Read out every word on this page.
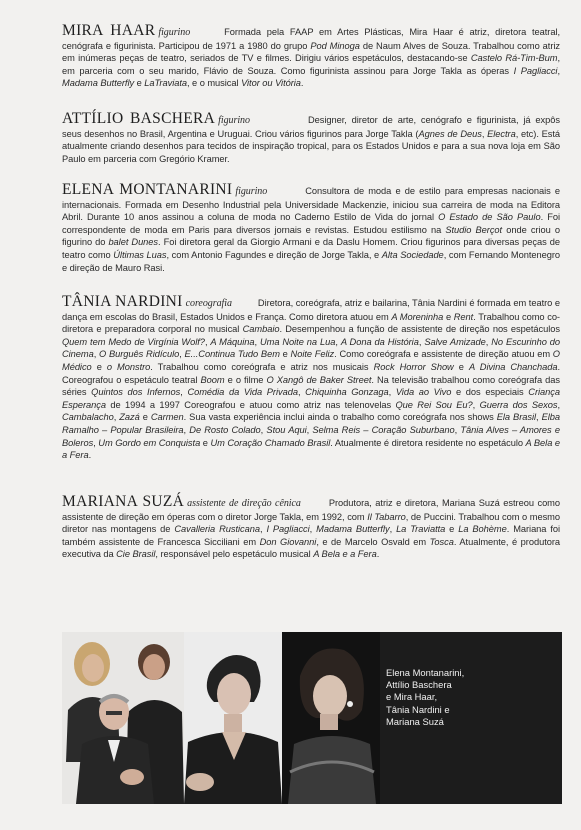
MIRA HAAR figurino	Formada pela FAAP em Artes Plásticas, Mira Haar é atriz, diretora teatral, cenógrafa e figurinista. Participou de 1971 a 1980 do grupo Pod Minoga de Naum Alves de Souza. Trabalhou como atriz em inúmeras peças de teatro, seriados de TV e filmes. Dirigiu vários espetáculos, destacando-se Castelo Rá-Tim-Bum, em parceria com o seu marido, Flávio de Souza. Como figurinista assinou para Jorge Takla as óperas I Pagliacci, Madama Butterfly e LaTraviata, e o musical Vitor ou Vitória.
ATTÍLIO BASCHERA figurino	Designer, diretor de arte, cenógrafo e figurinista, já expôs seus desenhos no Brasil, Argentina e Uruguai. Criou vários figurinos para Jorge Takla (Agnes de Deus, Electra, etc). Está atualmente criando desenhos para tecidos de inspiração tropical, para os Estados Unidos e para a sua nova loja em São Paulo em parceria com Gregório Kramer.
ELENA MONTANARINI figurino	Consultora de moda e de estilo para empresas nacionais e internacionais. Formada em Desenho Industrial pela Universidade Mackenzie, iniciou sua carreira de moda na Editora Abril. Durante 10 anos assinou a coluna de moda no Caderno Estilo de Vida do jornal O Estado de São Paulo. Foi correspondente de moda em Paris para diversos jornais e revistas. Estudou estilismo na Studio Berçot onde criou o figurino do balet Dunes. Foi diretora geral da Giorgio Armani e da Daslu Homem. Criou figurinos para diversas peças de teatro como Últimas Luas, com Antonio Fagundes e direção de Jorge Takla, e Alta Sociedade, com Fernando Montenegro e direção de Mauro Rasi.
TÂNIA NARDINI coreografia	Diretora, coreógrafa, atriz e bailarina, Tânia Nardini é formada em teatro e dança em escolas do Brasil, Estados Unidos e França. Como diretora atuou em A Moreninha e Rent. Trabalhou como co-diretora e preparadora corporal no musical Cambaio. Desempenhou a função de assistente de direção nos espetáculos Quem tem Medo de Virgínia Wolf?, A Máquina, Uma Noite na Lua, A Dona da História, Salve Amizade, No Escurinho do Cinema, O Burguês Ridículo, E...Continua Tudo Bem e Noite Feliz. Como coreógrafa e assistente de direção atuou em O Médico e o Monstro. Trabalhou como coreógrafa e atriz nos musicais Rock Horror Show e A Divina Chanchada. Coreografou o espetáculo teatral Boom e o filme O Xangô de Baker Street. Na televisão trabalhou como coreógrafa das séries Quintos dos Infernos, Comédia da Vida Privada, Chiquinha Gonzaga, Vida ao Vivo e dos especiais Criança Esperança de 1994 a 1997 Coreografou e atuou como atriz nas telenovelas Que Rei Sou Eu?, Guerra dos Sexos, Cambalacho, Zazá e Carmen. Sua vasta experiência inclui ainda o trabalho como coreógrafa nos shows Ela Brasil, Elba Ramalho – Popular Brasileira, De Rosto Colado, Stou Aqui, Selma Reis – Coração Suburbano, Tânia Alves – Amores e Boleros, Um Gordo em Conquista e Um Coração Chamado Brasil. Atualmente é diretora residente no espetáculo A Bela e a Fera.
MARIANA SUZÁ assistente de direção cênica	Produtora, atriz e diretora, Mariana Suzá estreou como assistente de direção em óperas com o diretor Jorge Takla, em 1992, com Il Tabarro, de Puccini. Trabalhou com o mesmo diretor nas montagens de Cavalleria Rusticana, I Pagliacci, Madama Butterfly, La Traviatta e La Bohème. Mariana foi também assistente de Francesca Sicciliani em Don Giovanni, e de Marcelo Osvald em Tosca. Atualmente, é produtora executiva da Cie Brasil, responsável pelo espetáculo musical A Bela e a Fera.
Elena Montanarini,
Attílio Baschera
e Mira Haar,
Tânia Nardini e
Mariana Suzá
